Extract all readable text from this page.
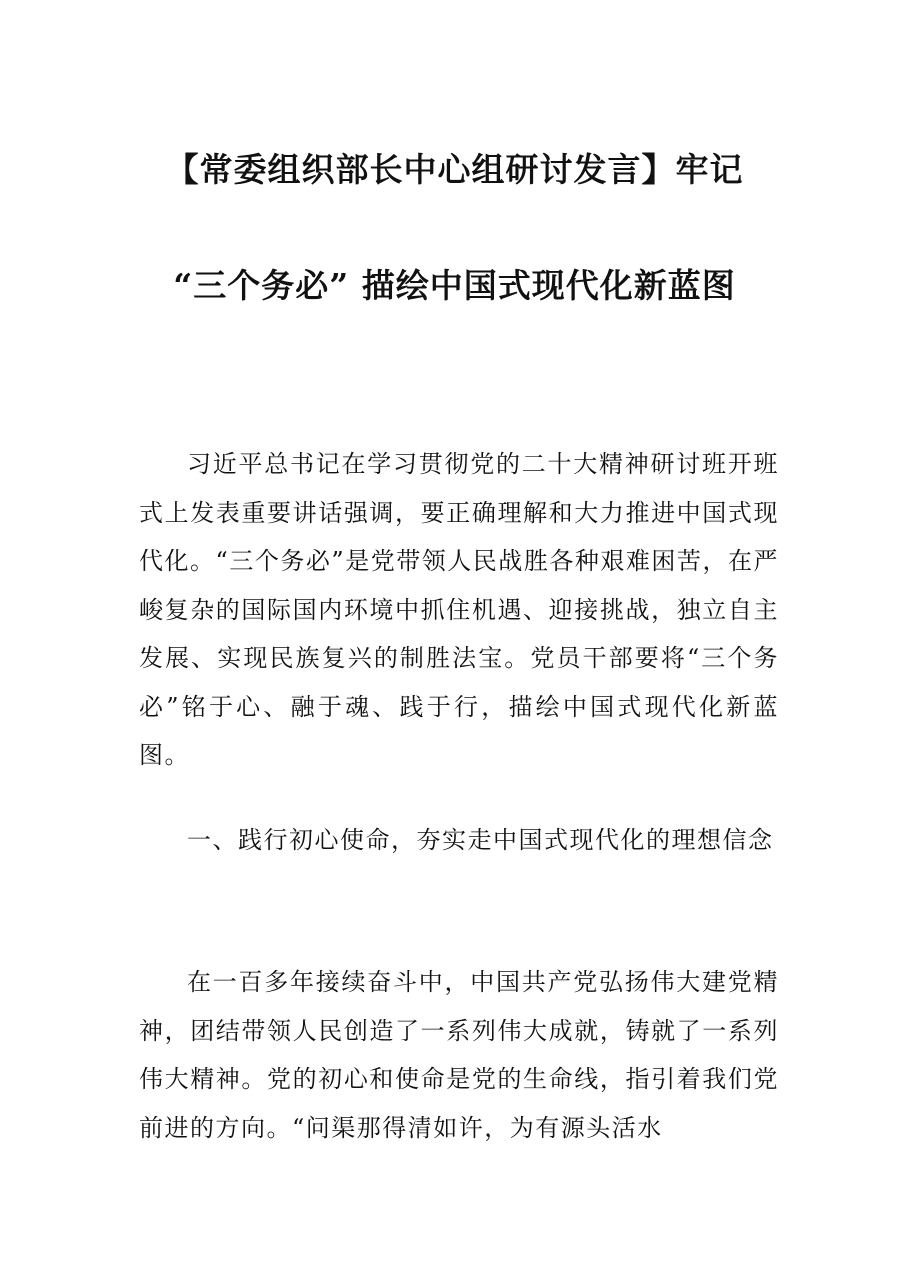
【常委组织部长中心组研讨发言】牢记
“三个务必” 描绘中国式现代化新蓝图

习近平总书记在学习贯彻党的二十大精神研讨班开班式上发表重要讲话强调，要正确理解和大力推进中国式现代化。“三个务必”是党带领人民战胜各种艰难困苦，在严峻复杂的国际国内环境中抓住机遇、迎接挑战，独立自主发展、实现民族复兴的制胜法宝。党员干部要将“三个务必”铭于心、融于魂、践于行，描绘中国式现代化新蓝图。

一、践行初心使命，夯实走中国式现代化的理想信念

在一百多年接续奋斗中，中国共产党弘扬伟大建党精神，团结带领人民创造了一系列伟大成就，铸就了一系列伟大精神。党的初心和使命是党的生命线，指引着我们党前进的方向。“问渠那得清如许，为有源头活水
